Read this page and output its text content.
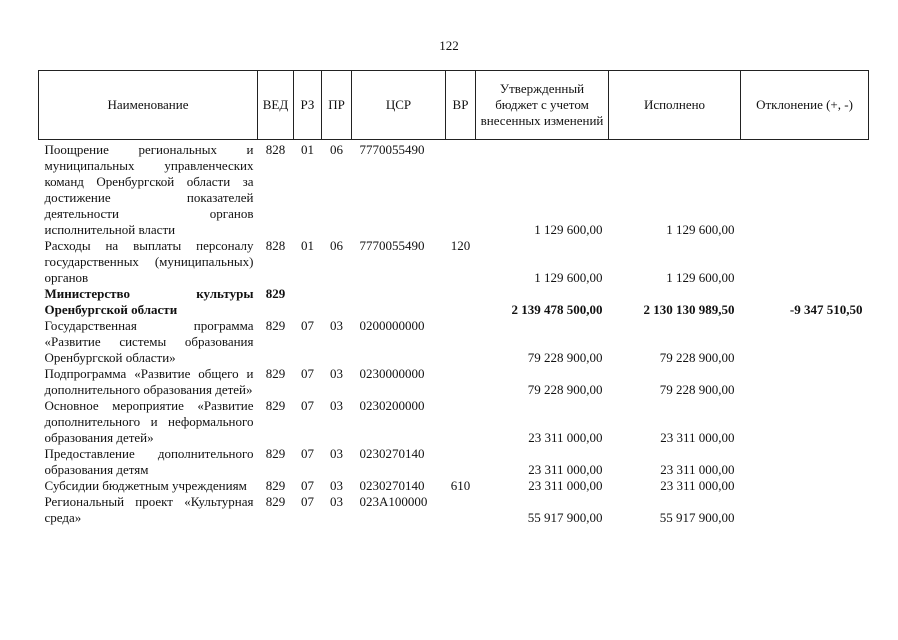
122
Наименование	ВЕД	РЗ	ПР	ЦСР	ВР	Утвержденный бюджет с учетом внесенных изменений	Исполнено	Отклонение (+, -)
Поощрение региональных и муниципальных управленческих команд Оренбургской области за достижение показателей деятельности органов исполнительной власти	828	01	06	7770055490		1 129 600,00	1 129 600,00	
Расходы на выплаты персоналу государственных (муниципальных) органов	828	01	06	7770055490	120	1 129 600,00	1 129 600,00	
Министерство культуры Оренбургской области	829					2 139 478 500,00	2 130 130 989,50	-9 347 510,50
Государственная программа «Развитие системы образования Оренбургской области»	829	07	03	0200000000		79 228 900,00	79 228 900,00	
Подпрограмма «Развитие общего и дополнительного образования детей»	829	07	03	0230000000		79 228 900,00	79 228 900,00	
Основное мероприятие «Развитие дополнительного и неформального образования детей»	829	07	03	0230200000		23 311 000,00	23 311 000,00	
Предоставление дополнительного образования детям	829	07	03	0230270140		23 311 000,00	23 311 000,00	
Субсидии бюджетным учреждениям	829	07	03	0230270140	610	23 311 000,00	23 311 000,00	
Региональный проект «Культурная среда»	829	07	03	023A100000		55 917 900,00	55 917 900,00	
